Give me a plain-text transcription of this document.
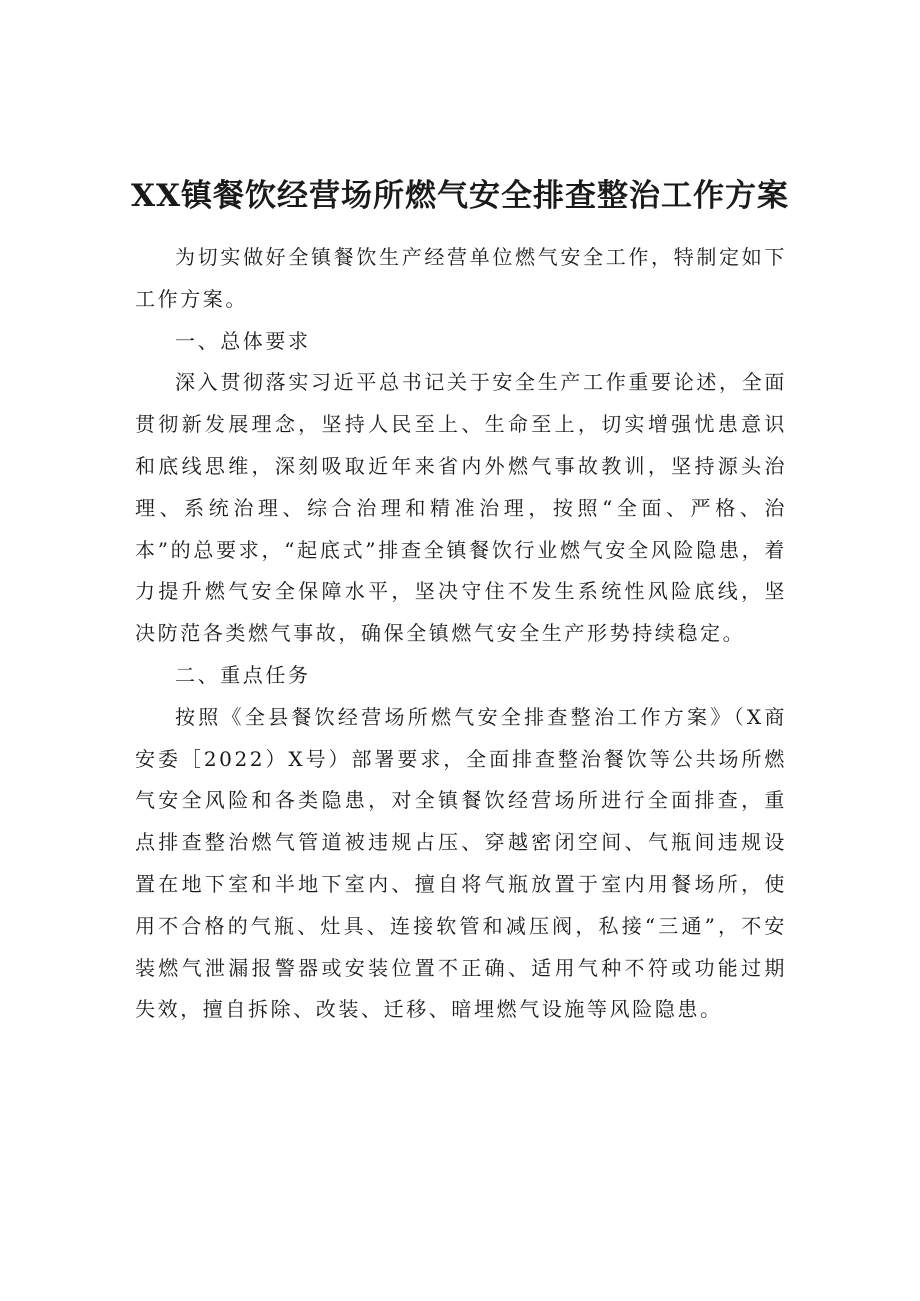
XX镇餐饮经营场所燃气安全排查整治工作方案

为切实做好全镇餐饮生产经营单位燃气安全工作，特制定如下工作方案。

一、总体要求

深入贯彻落实习近平总书记关于安全生产工作重要论述，全面贯彻新发展理念，坚持人民至上、生命至上，切实增强忧患意识和底线思维，深刻吸取近年来省内外燃气事故教训，坚持源头治理、系统治理、综合治理和精准治理，按照“全面、严格、治本”的总要求，“起底式”排查全镇餐饮行业燃气安全风险隐患，着力提升燃气安全保障水平，坚决守住不发生系统性风险底线，坚决防范各类燃气事故，确保全镇燃气安全生产形势持续稳定。

二、重点任务

按照《全县餐饮经营场所燃气安全排查整治工作方案》（X商安委［2022）X号）部署要求，全面排查整治餐饮等公共场所燃气安全风险和各类隐患，对全镇餐饮经营场所进行全面排查，重点排查整治燃气管道被违规占压、穿越密闭空间、气瓶间违规设置在地下室和半地下室内、擅自将气瓶放置于室内用餐场所，使用不合格的气瓶、灶具、连接软管和减压阀，私接“三通”，不安装燃气泄漏报警器或安装位置不正确、适用气种不符或功能过期失效，擅自拆除、改装、迁移、暗埋燃气设施等风险隐患。
